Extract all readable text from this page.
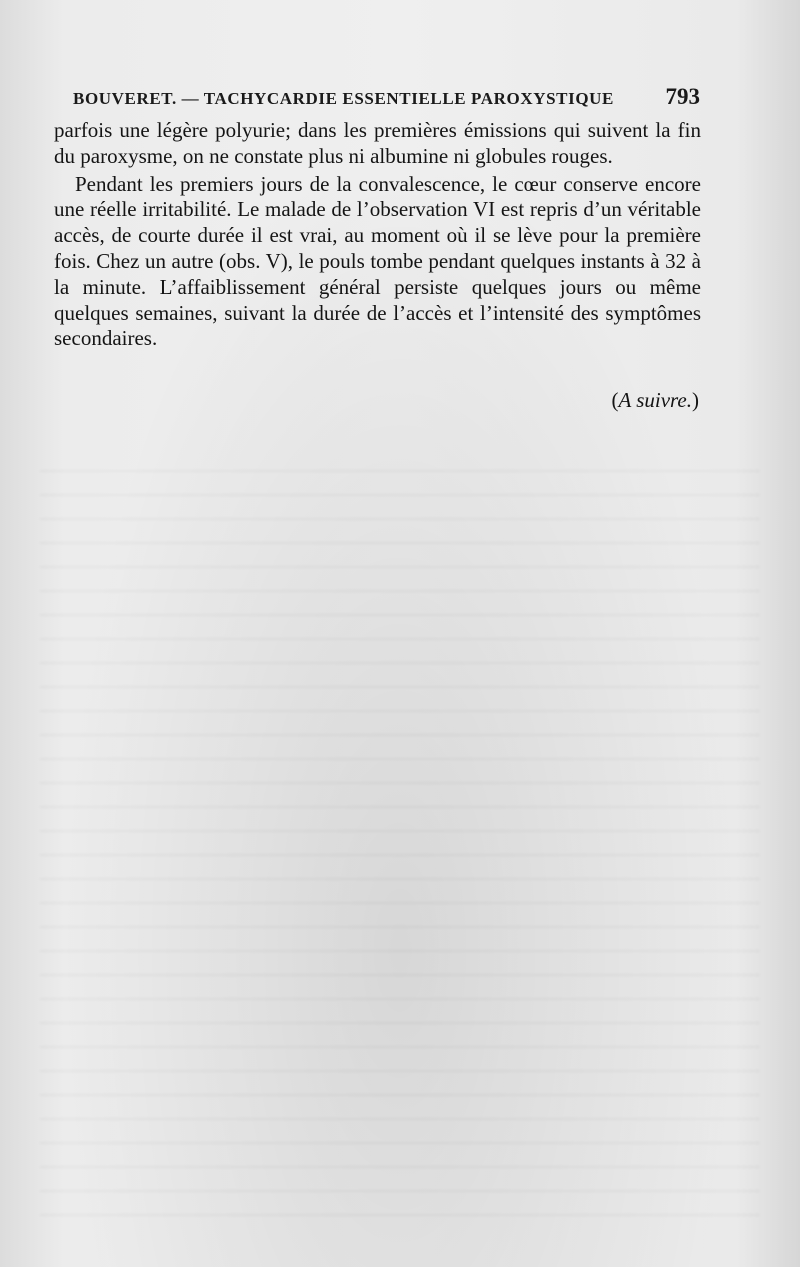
BOUVERET. — TACHYCARDIE ESSENTIELLE PAROXYSTIQUE 793

parfois une légère polyurie; dans les premières émissions qui suivent la fin du paroxysme, on ne constate plus ni albumine ni globules rouges.

Pendant les premiers jours de la convalescence, le cœur conserve encore une réelle irritabilité. Le malade de l’observation VI est repris d’un véritable accès, de courte durée il est vrai, au moment où il se lève pour la première fois. Chez un autre (obs. V), le pouls tombe pendant quelques instants à 32 à la minute. L’affaiblissement général persiste quelques jours ou même quelques semaines, suivant la durée de l’accès et l’intensité des symptômes secondaires.

(A suivre.)
